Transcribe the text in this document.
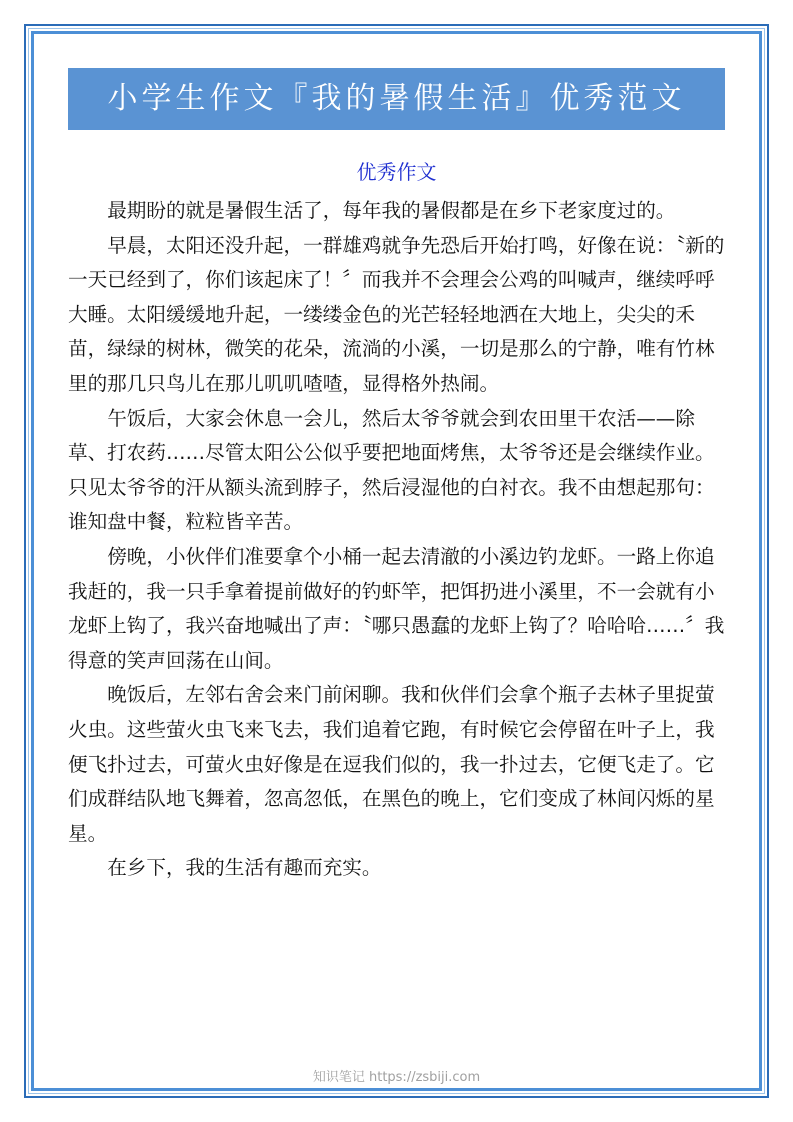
小学生作文『我的暑假生活』优秀范文
优秀作文

最期盼的就是暑假生活了，每年我的暑假都是在乡下老家度过的。

早晨，太阳还没升起，一群雄鸡就争先恐后开始打鸣，好像在说：〝新的一天已经到了，你们该起床了！〞而我并不会理会公鸡的叫喊声，继续呼呼大睡。太阳缓缓地升起，一缕缕金色的光芒轻轻地洒在大地上，尖尖的禾苗，绿绿的树林，微笑的花朵，流淌的小溪，一切是那么的宁静，唯有竹林里的那几只鸟儿在那儿叽叽喳喳，显得格外热闹。

午饭后，大家会休息一会儿，然后太爷爷就会到农田里干农活——除草、打农药……尽管太阳公公似乎要把地面烤焦，太爷爷还是会继续作业。只见太爷爷的汗从额头流到脖子，然后浸湿他的白衬衣。我不由想起那句：谁知盘中餐，粒粒皆辛苦。

傍晚，小伙伴们准要拿个小桶一起去清澈的小溪边钓龙虾。一路上你追我赶的，我一只手拿着提前做好的钓虾竿，把饵扔进小溪里，不一会就有小龙虾上钩了，我兴奋地喊出了声：〝哪只愚蠢的龙虾上钩了？哈哈哈……〞我得意的笑声回荡在山间。

晚饭后，左邻右舍会来门前闲聊。我和伙伴们会拿个瓶子去林子里捉萤火虫。这些萤火虫飞来飞去，我们追着它跑，有时候它会停留在叶子上，我便飞扑过去，可萤火虫好像是在逗我们似的，我一扑过去，它便飞走了。它们成群结队地飞舞着，忽高忽低，在黑色的晚上，它们变成了林间闪烁的星星。

在乡下，我的生活有趣而充实。

知识笔记 https://zsbiji.com
